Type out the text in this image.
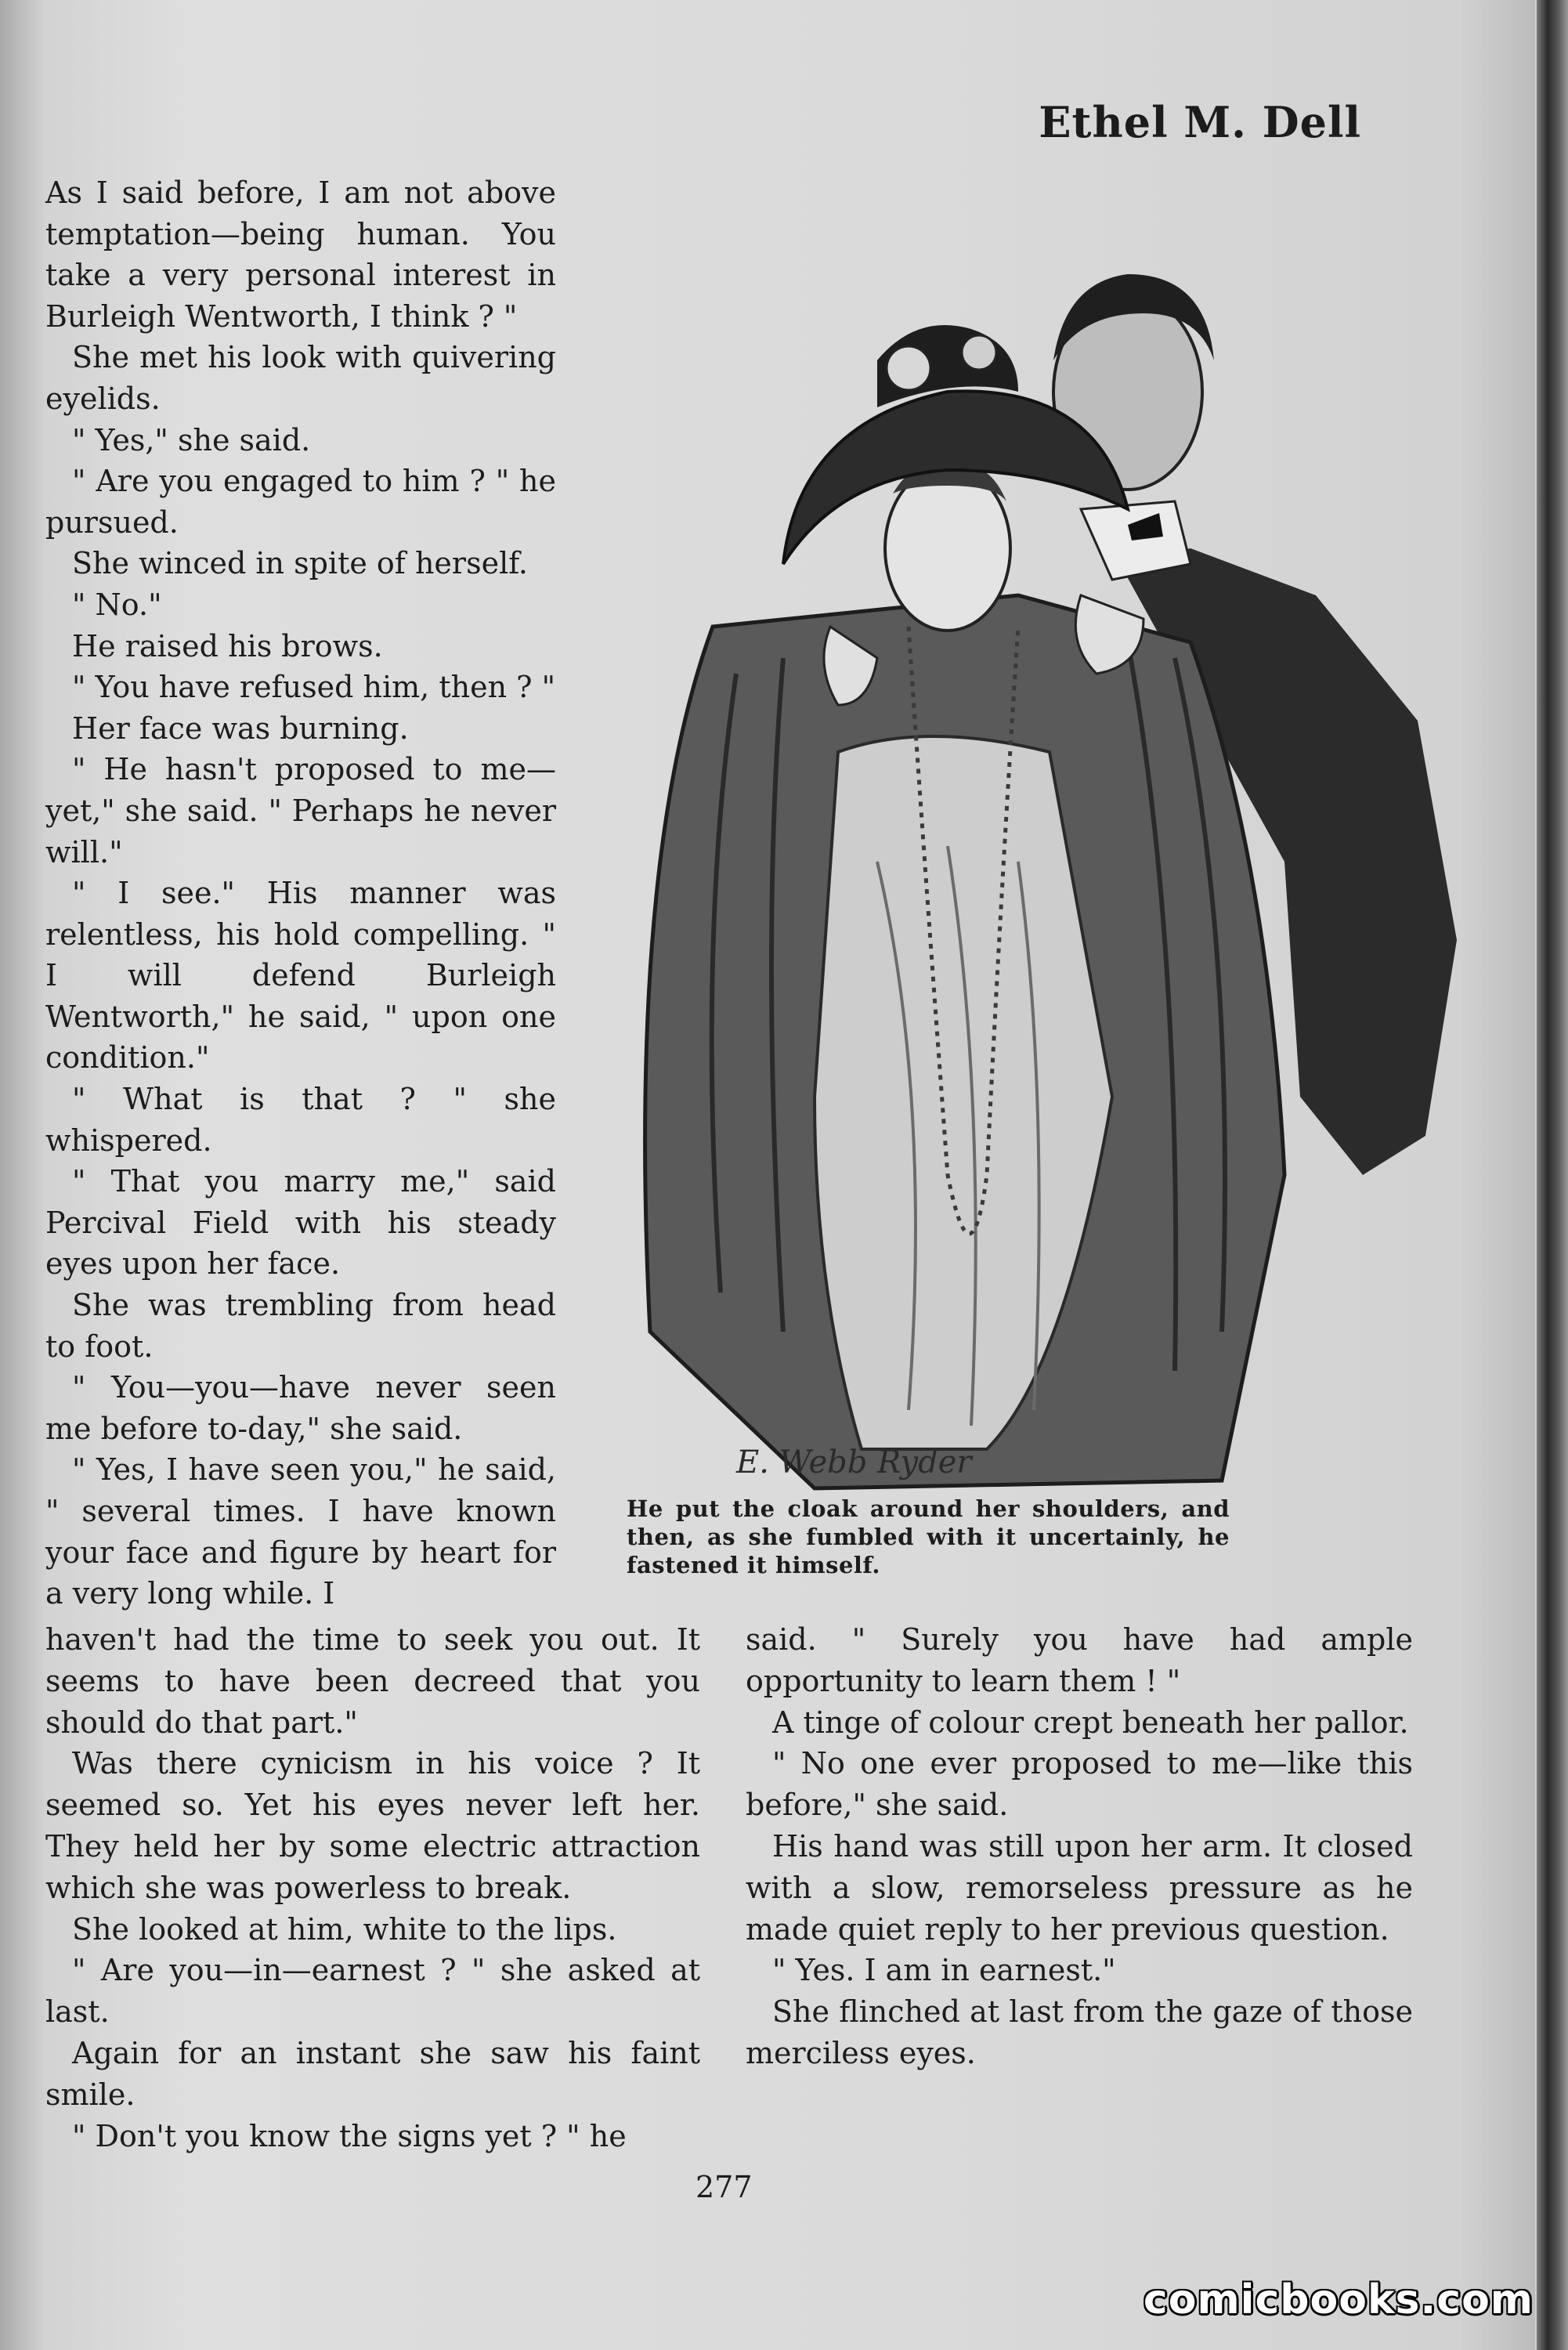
Ethel M. Dell

As I said before, I am not above temptation—being human. You take a very personal interest in Burleigh Wentworth, I think ? "

She met his look with quivering eyelids.

" Yes," she said.

" Are you engaged to him ? " he pursued.

She winced in spite of herself.

" No."

He raised his brows.

" You have refused him, then ? "

Her face was burning.

" He hasn't proposed to me—yet," she said. " Perhaps he never will."

" I see." His manner was relentless, his hold compelling. " I will defend Burleigh Wentworth," he said, " upon one condition."

" What is that ? " she whispered.

" That you marry me," said Percival Field with his steady eyes upon her face.

She was trembling from head to foot.

" You—you—have never seen me before to-day," she said.

" Yes, I have seen you," he said, " several times. I have known your face and figure by heart for a very long while. I

E. Webb Ryder
He put the cloak around her shoulders, and then, as she fumbled with it uncertainly, he fastened it himself.

haven't had the time to seek you out. It seems to have been decreed that you should do that part."

Was there cynicism in his voice ? It seemed so. Yet his eyes never left her. They held her by some electric attraction which she was powerless to break.

She looked at him, white to the lips.

" Are you—in—earnest ? " she asked at last.

Again for an instant she saw his faint smile.

" Don't you know the signs yet ? " he

said. " Surely you have had ample opportunity to learn them ! "

A tinge of colour crept beneath her pallor.

" No one ever proposed to me—like this before," she said.

His hand was still upon her arm. It closed with a slow, remorseless pressure as he made quiet reply to her previous question.

" Yes. I am in earnest."

She flinched at last from the gaze of those merciless eyes.

277
comicbooks.com
